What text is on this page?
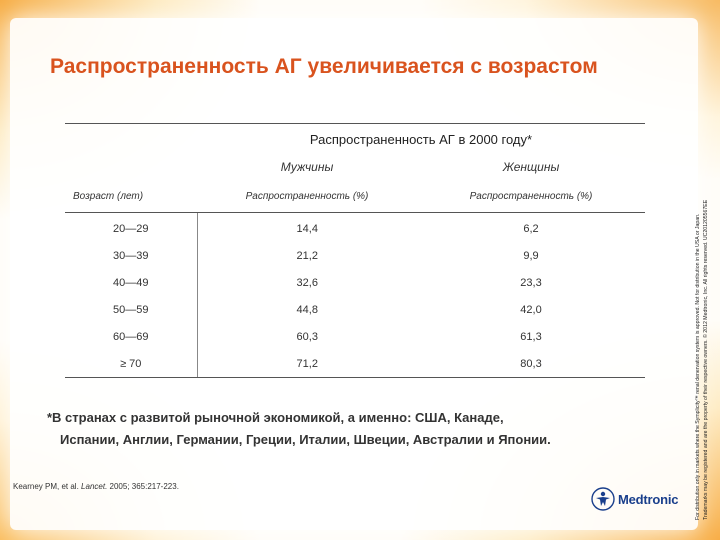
Распространенность АГ увеличивается с возрастом
	Распространенность АГ в 2000 году*	
	Мужчины	Женщины
Возраст (лет)	Распространенность (%)	Распространенность (%)
20—29	14,4	6,2
30—39	21,2	9,9
40—49	32,6	23,3
50—59	44,8	42,0
60—69	60,3	61,3
≥ 70	71,2	80,3
*В странах с развитой рыночной экономикой, а именно: США, Канаде,
Испании, Англии, Германии, Греции, Италии, Швеции, Австралии и Японии.
Kearney PM, et al. Lancet. 2005; 365:217-223.	For distribution only in markets where the Symplicity™ renal denervation system is approved. Not for distribution in the USA or Japan. Trademarks may be registered and are the property of their respective owners. © 2012 Medtronic, Inc. All rights reserved. UC201205567EE
Medtronic
